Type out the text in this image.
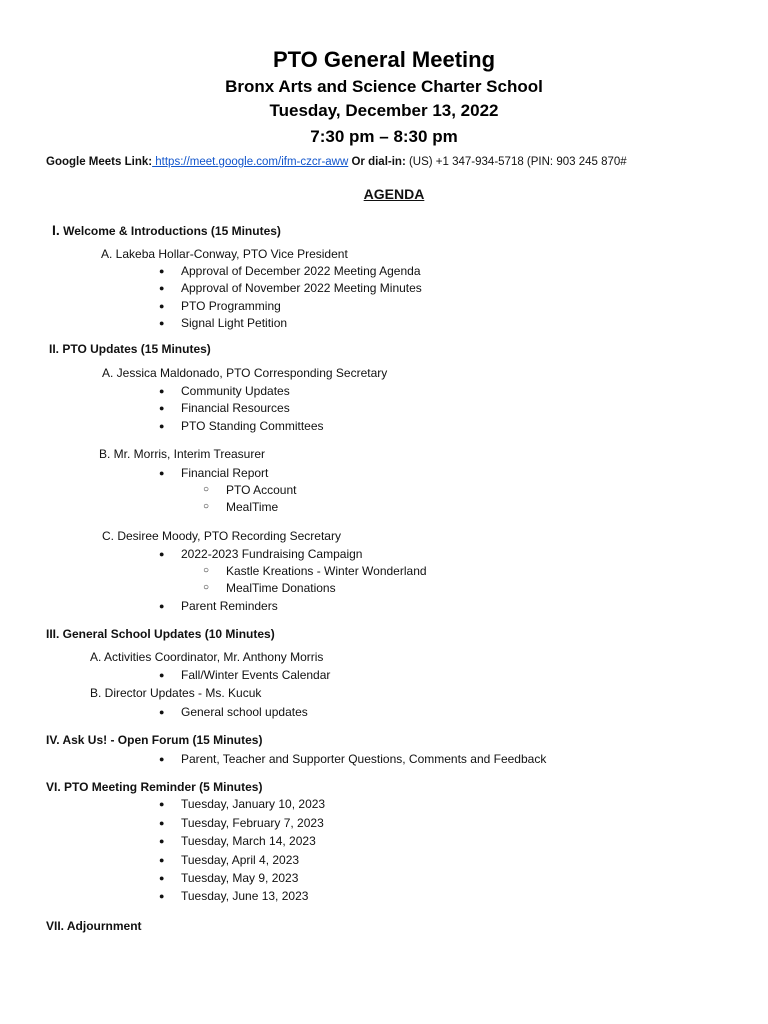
PTO General Meeting
Bronx Arts and Science Charter School
Tuesday, December 13, 2022
7:30 pm – 8:30 pm
Google Meets Link: https://meet.google.com/ifm-czcr-aww Or dial-in: (US) +1 347-934-5718 (PIN: 903 245 870#
AGENDA
I. Welcome & Introductions (15 Minutes)
A. Lakeba Hollar-Conway, PTO Vice President
● Approval of December 2022 Meeting Agenda
● Approval of November 2022 Meeting Minutes
● PTO Programming
● Signal Light Petition
II. PTO Updates (15 Minutes)
A. Jessica Maldonado, PTO Corresponding Secretary
● Community Updates
● Financial Resources
● PTO Standing Committees
B. Mr. Morris, Interim Treasurer
● Financial Report
○ PTO Account
○ MealTime
C. Desiree Moody, PTO Recording Secretary
● 2022-2023 Fundraising Campaign
○ Kastle Kreations - Winter Wonderland
○ MealTime Donations
● Parent Reminders
III. General School Updates (10 Minutes)
A. Activities Coordinator, Mr. Anthony Morris
● Fall/Winter Events Calendar
B. Director Updates - Ms. Kucuk
● General school updates
IV. Ask Us! - Open Forum (15 Minutes)
● Parent, Teacher and Supporter Questions, Comments and Feedback
VI. PTO Meeting Reminder (5 Minutes)
● Tuesday, January 10, 2023
● Tuesday, February 7, 2023
● Tuesday, March 14, 2023
● Tuesday, April 4, 2023
● Tuesday, May 9, 2023
● Tuesday, June 13, 2023
VII. Adjournment
